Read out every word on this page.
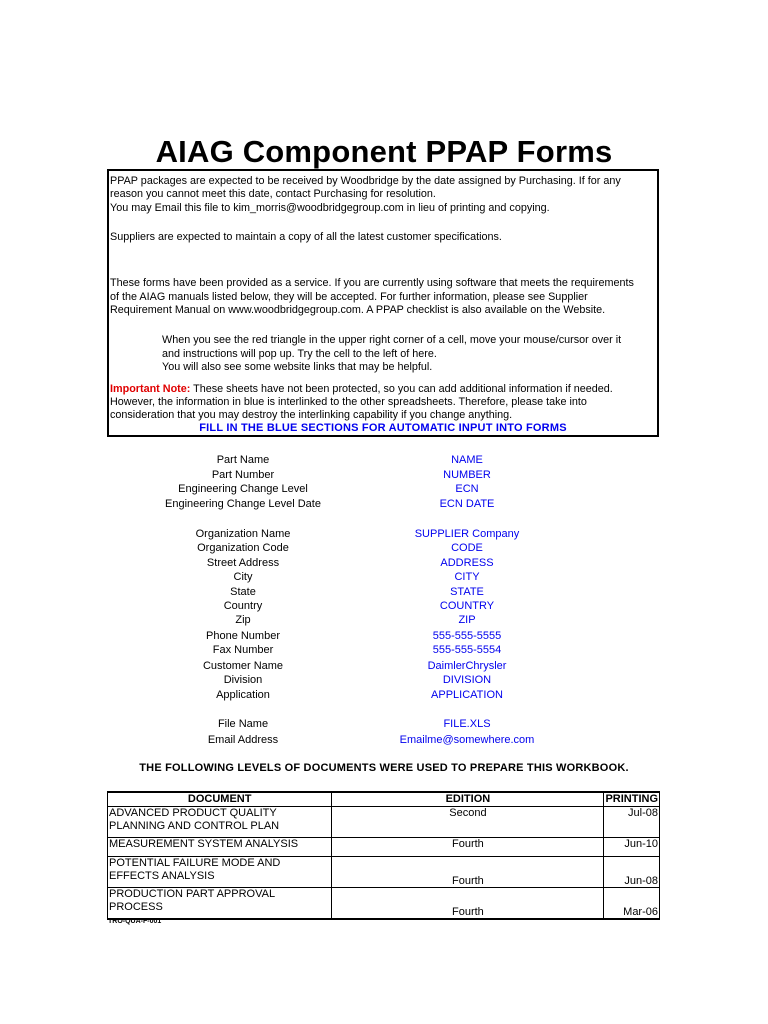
AIAG Component PPAP Forms
PPAP packages are expected to be received by Woodbridge by the date assigned by Purchasing. If for any
reason you cannot meet this date, contact Purchasing for resolution.
You may Email this file to kim_morris@woodbridgegroup.com in lieu of printing and copying.
Suppliers are expected to maintain a copy of all the latest customer specifications.
These forms have been provided as a service. If you are currently using software that meets the requirements
of the AIAG manuals listed below, they will be accepted. For further information, please see Supplier
Requirement Manual on www.woodbridgegroup.com. A PPAP checklist is also available on the Website.
When you see the red triangle in the upper right corner of a cell, move your mouse/cursor over it
and instructions will pop up. Try the cell to the left of here.
You will also see some website links that may be helpful.
Important Note: These sheets have not been protected, so you can add additional information if needed.
However, the information in blue is interlinked to the other spreadsheets. Therefore, please take into
consideration that you may destroy the interlinking capability if you change anything.
FILL IN THE BLUE SECTIONS FOR AUTOMATIC INPUT INTO FORMS
Part Name	NAME
Part Number	NUMBER
Engineering Change Level	ECN
Engineering Change Level Date	ECN DATE
Organization Name	SUPPLIER Company
Organization Code	CODE
Street Address	ADDRESS
City	CITY
State	STATE
Country	COUNTRY
Zip	ZIP
Phone Number	555-555-5555
Fax Number	555-555-5554
Customer Name	DaimlerChrysler
Division	DIVISION
Application	APPLICATION
File Name	FILE.XLS
Email Address	Emailme@somewhere.com
THE FOLLOWING LEVELS OF DOCUMENTS WERE USED TO PREPARE THIS WORKBOOK.
DOCUMENT	EDITION	PRINTING
ADVANCED PRODUCT QUALITY
PLANNING AND CONTROL PLAN	Second	Jul-08
MEASUREMENT SYSTEM ANALYSIS	Fourth	Jun-10
POTENTIAL FAILURE MODE AND
EFFECTS ANALYSIS	Fourth	Jun-08
PRODUCTION PART APPROVAL
PROCESS	Fourth	Mar-06
TRO-QUA-F-001
